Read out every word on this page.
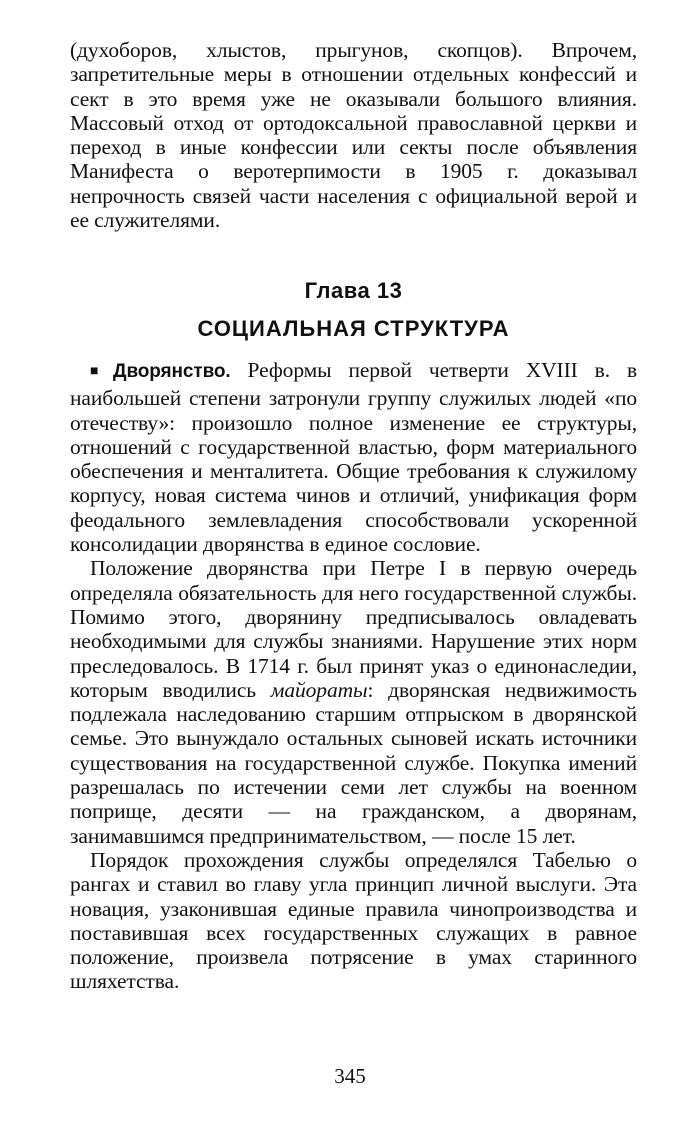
(духоборов, хлыстов, прыгунов, скопцов). Впрочем, запретительные меры в отношении отдельных конфессий и сект в это время уже не оказывали большого влияния. Массовый отход от ортодоксальной православной церкви и переход в иные конфессии или секты после объявления Манифеста о веротерпимости в 1905 г. доказывал непрочность связей части населения с официальной верой и ее служителями.

Глава 13

СОЦИАЛЬНАЯ СТРУКТУРА

■ Дворянство. Реформы первой четверти XVIII в. в наибольшей степени затронули группу служилых людей «по отечеству»: произошло полное изменение ее структуры, отношений с государственной властью, форм материального обеспечения и менталитета. Общие требования к служилому корпусу, новая система чинов и отличий, унификация форм феодального землевладения способствовали ускоренной консолидации дворянства в единое сословие.

Положение дворянства при Петре I в первую очередь определяла обязательность для него государственной службы. Помимо этого, дворянину предписывалось овладевать необходимыми для службы знаниями. Нарушение этих норм преследовалось. В 1714 г. был принят указ о единонаследии, которым вводились майораты: дворянская недвижимость подлежала наследованию старшим отпрыском в дворянской семье. Это вынуждало остальных сыновей искать источники существования на государственной службе. Покупка имений разрешалась по истечении семи лет службы на военном поприще, десяти — на гражданском, а дворянам, занимавшимся предпринимательством, — после 15 лет.

Порядок прохождения службы определялся Табелью о рангах и ставил во главу угла принцип личной выслуги. Эта новация, узаконившая единые правила чинопроизводства и поставившая всех государственных служащих в равное положение, произвела потрясение в умах старинного шляхетства.

345
